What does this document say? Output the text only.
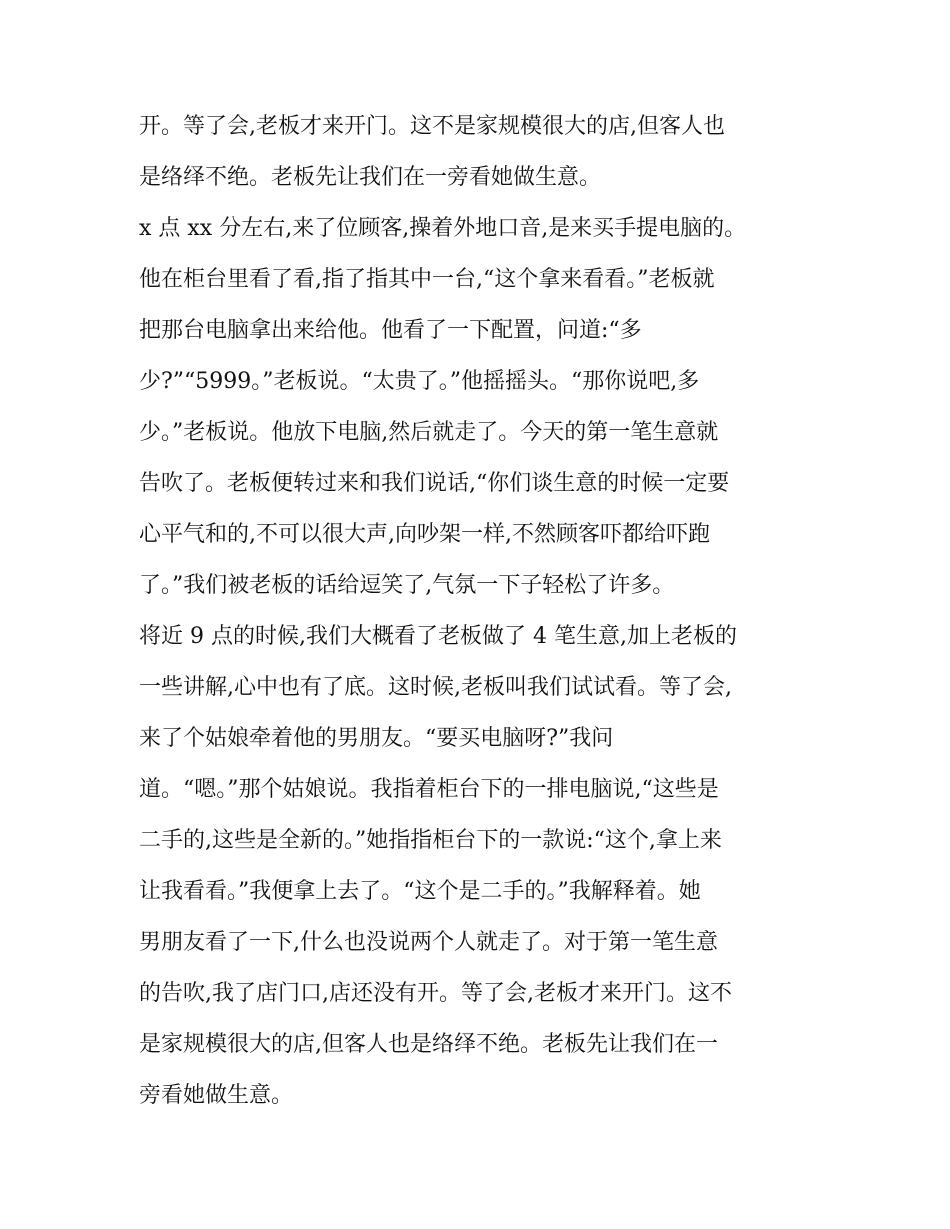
开。等了会,老板才来开门。这不是家规模很大的店,但客人也
是络绎不绝。老板先让我们在一旁看她做生意。
x 点 xx 分左右,来了位顾客,操着外地口音,是来买手提电脑的。
他在柜台里看了看,指了指其中一台,“这个拿来看看。”老板就
把那台电脑拿出来给他。他看了一下配置，问道:“多
少?”“5999。”老板说。“太贵了。”他摇摇头。“那你说吧,多
少。”老板说。他放下电脑,然后就走了。今天的第一笔生意就
告吹了。老板便转过来和我们说话,“你们谈生意的时候一定要
心平气和的,不可以很大声,向吵架一样,不然顾客吓都给吓跑
了。”我们被老板的话给逗笑了,气氛一下子轻松了许多。
将近 9 点的时候,我们大概看了老板做了 4 笔生意,加上老板的
一些讲解,心中也有了底。这时候,老板叫我们试试看。等了会,
来了个姑娘牵着他的男朋友。“要买电脑呀?”我问
道。“嗯。”那个姑娘说。我指着柜台下的一排电脑说,“这些是
二手的,这些是全新的。”她指指柜台下的一款说:“这个,拿上来
让我看看。”我便拿上去了。“这个是二手的。”我解释着。她
男朋友看了一下,什么也没说两个人就走了。对于第一笔生意
的告吹,我了店门口,店还没有开。等了会,老板才来开门。这不
是家规模很大的店,但客人也是络绎不绝。老板先让我们在一
旁看她做生意。
